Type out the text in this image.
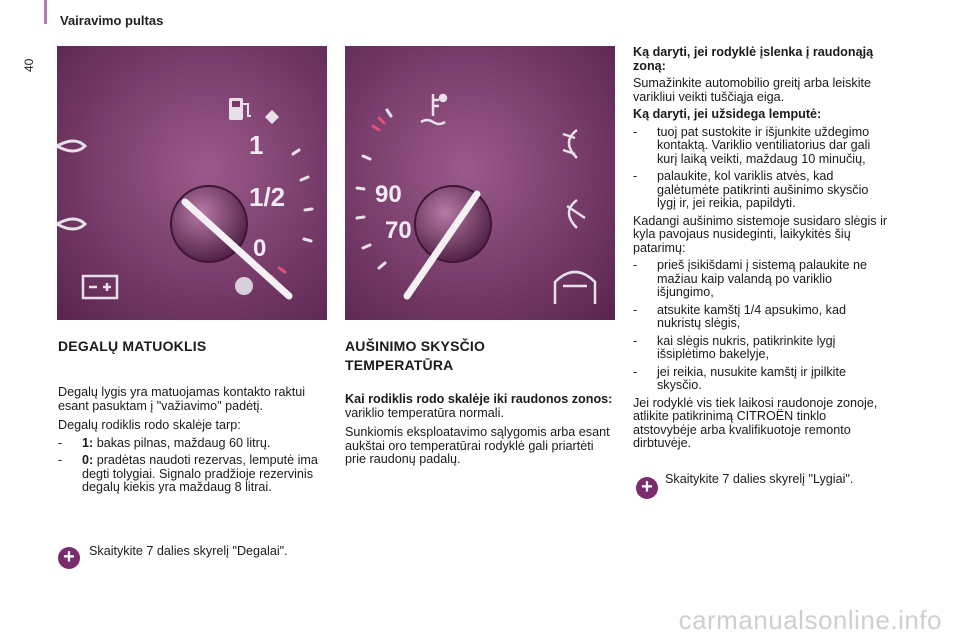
Vairavimo pultas
40
1
1/2
0
90
70
DEGALŲ MATUOKLIS

Degalų lygis yra matuojamas kontakto raktui esant pasuktam į "važiavimo" padėtį.

Degalų rodiklis rodo skalėje tarp:

-	1: bakas pilnas, maždaug 60 litrų.
-	0: pradėtas naudoti rezervas, lemputė ima degti tolygiai. Signalo pradžioje rezervinis degalų kiekis yra maždaug 8 litrai.
+	Skaitykite 7 dalies skyrelį "Degalai".
AUŠINIMO SKYSČIO
TEMPERATŪRA

Kai rodiklis rodo skalėje iki raudonos zonos: variklio temperatūra normali.

Sunkiomis eksploatavimo sąlygomis arba esant aukštai oro temperatūrai rodyklė gali priartėti prie raudonų padalų.

Ką daryti, jei rodyklė įslenka į raudonąją zoną:

Sumažinkite automobilio greitį arba leiskite varikliui veikti tuščiąja eiga.

Ką daryti, jei užsidega lemputė:

-	tuoj pat sustokite ir išjunkite uždegimo kontaktą. Variklio ventiliatorius dar gali kurį laiką veikti, maždaug 10 minučių,
-	palaukite, kol variklis atvės, kad galėtumėte patikrinti aušinimo skysčio lygį ir, jei reikia, papildyti.

Kadangi aušinimo sistemoje susidaro slėgis ir kyla pavojaus nusideginti, laikykitės šių patarimų:

-	prieš įsikišdami į sistemą palaukite ne mažiau kaip valandą po variklio išjungimo,
-	atsukite kamštį 1/4 apsukimo, kad nukristų slėgis,
-	kai slėgis nukris, patikrinkite lygį išsiplėtimo bakelyje,
-	jei reikia, nusukite kamštį ir įpilkite skysčio.

Jei rodyklė vis tiek laikosi raudonoje zonoje, atlikite patikrinimą CITROËN tinklo atstovybėje arba kvalifikuotoje remonto dirbtuvėje.

+ Skaitykite 7 dalies skyrelį "Lygiai".
carmanualsonline.info
